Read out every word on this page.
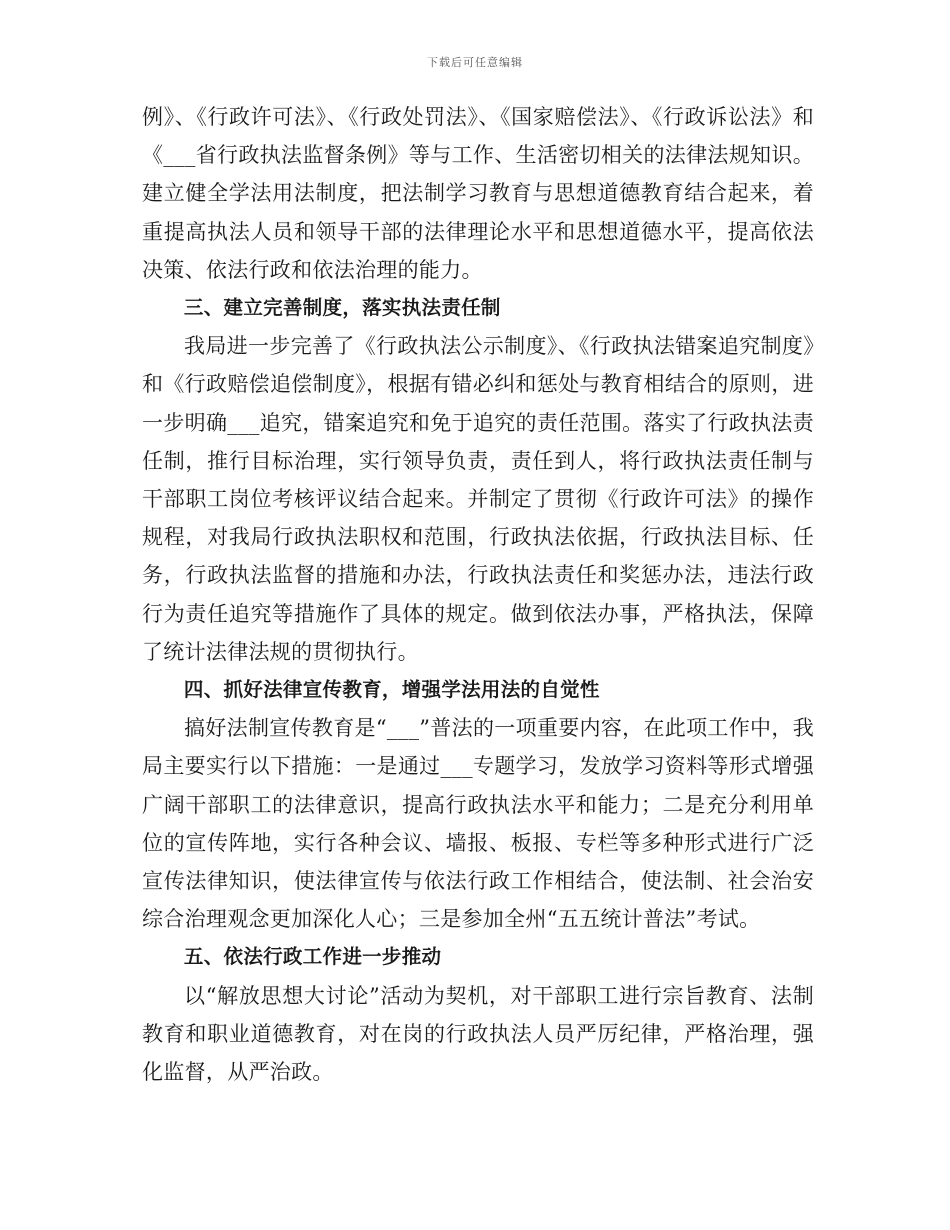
下载后可任意编辑

例》、《行政许可法》、《行政处罚法》、《国家赔偿法》、《行政诉讼法》和《___省行政执法监督条例》等与工作、生活密切相关的法律法规知识。建立健全学法用法制度，把法制学习教育与思想道德教育结合起来，着重提高执法人员和领导干部的法律理论水平和思想道德水平，提高依法决策、依法行政和依法治理的能力。

三、建立完善制度，落实执法责任制

我局进一步完善了《行政执法公示制度》、《行政执法错案追究制度》和《行政赔偿追偿制度》，根据有错必纠和惩处与教育相结合的原则，进一步明确___追究，错案追究和免于追究的责任范围。落实了行政执法责任制，推行目标治理，实行领导负责，责任到人，将行政执法责任制与干部职工岗位考核评议结合起来。并制定了贯彻《行政许可法》的操作规程，对我局行政执法职权和范围，行政执法依据，行政执法目标、任务，行政执法监督的措施和办法，行政执法责任和奖惩办法，违法行政行为责任追究等措施作了具体的规定。做到依法办事，严格执法，保障了统计法律法规的贯彻执行。

四、抓好法律宣传教育，增强学法用法的自觉性

搞好法制宣传教育是“___”普法的一项重要内容，在此项工作中，我局主要实行以下措施：一是通过___专题学习，发放学习资料等形式增强广阔干部职工的法律意识，提高行政执法水平和能力；二是充分利用单位的宣传阵地，实行各种会议、墙报、板报、专栏等多种形式进行广泛宣传法律知识，使法律宣传与依法行政工作相结合，使法制、社会治安综合治理观念更加深化人心；三是参加全州“五五统计普法”考试。

五、依法行政工作进一步推动

以“解放思想大讨论”活动为契机，对干部职工进行宗旨教育、法制教育和职业道德教育，对在岗的行政执法人员严厉纪律，严格治理，强化监督，从严治政。
